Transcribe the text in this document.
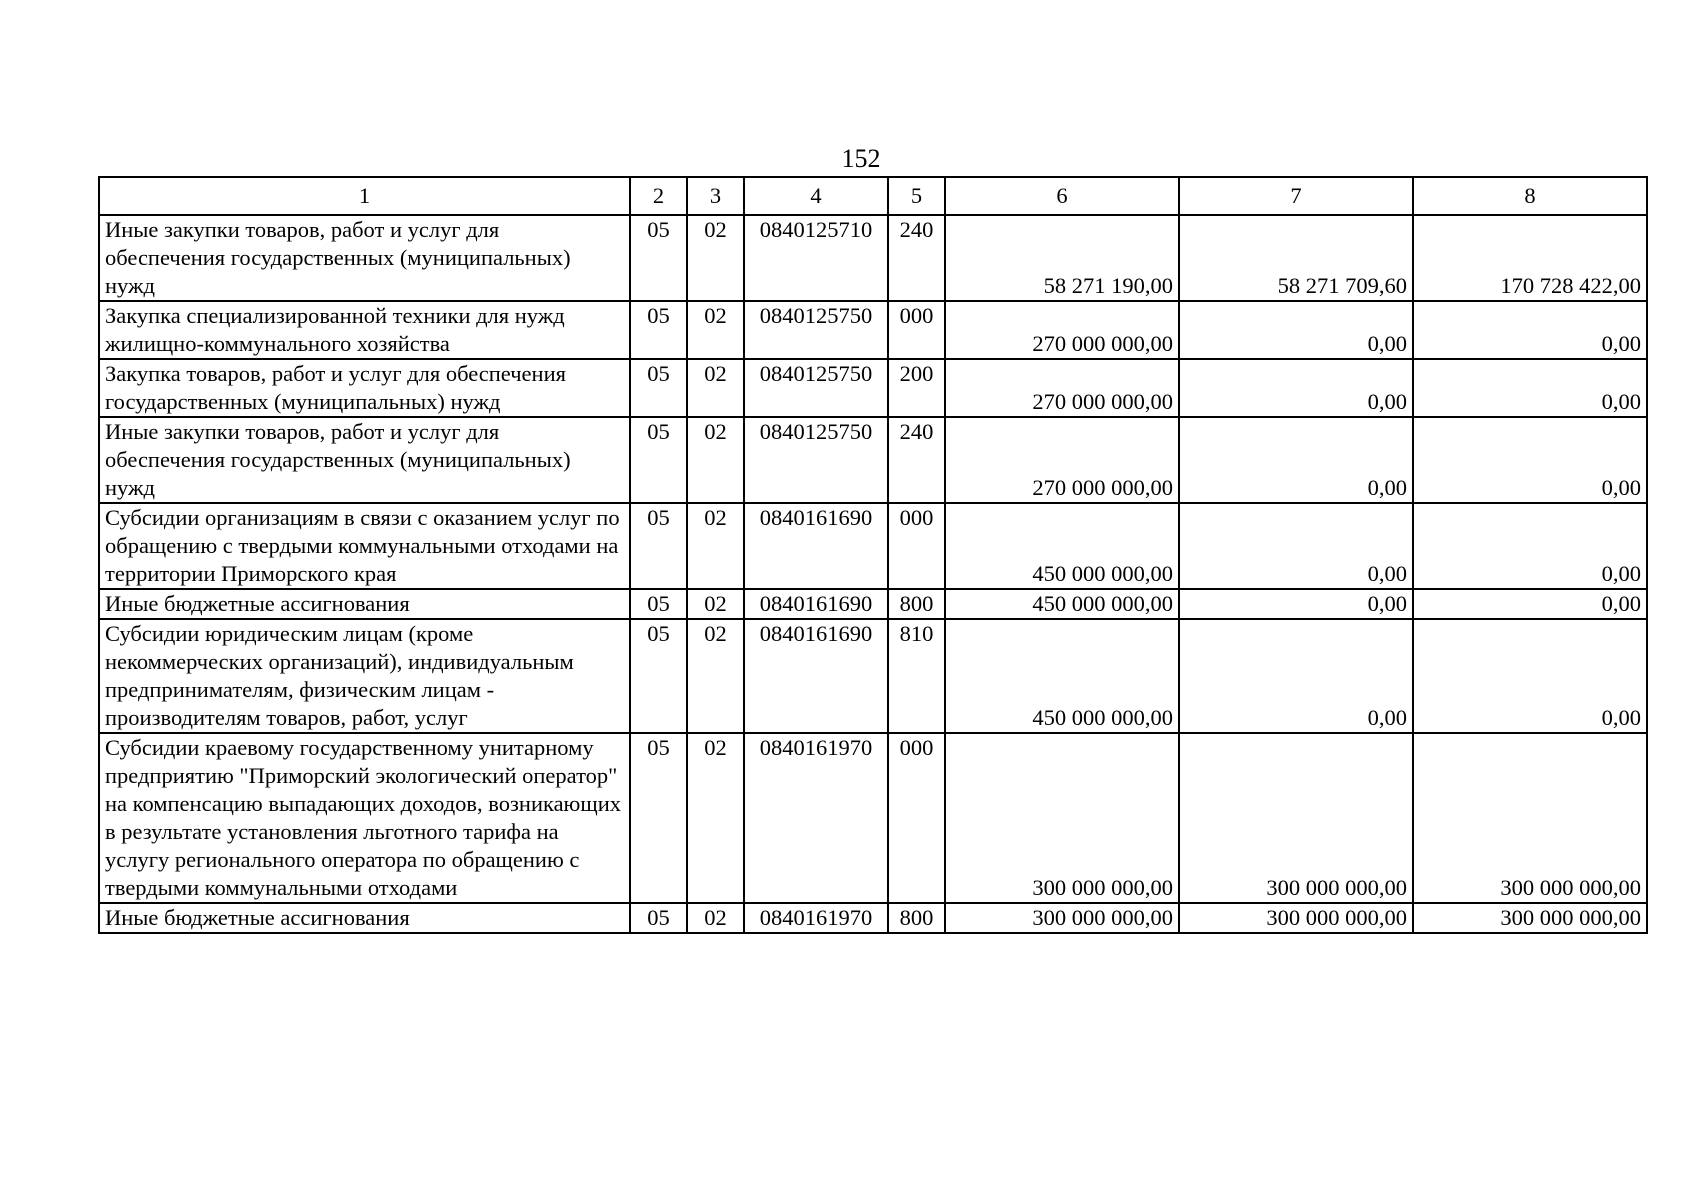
152
1	2	3	4	5	6	7	8
Иные закупки товаров, работ и услуг для обеспечения государственных (муниципальных) нужд	05	02	0840125710	240	58 271 190,00	58 271 709,60	170 728 422,00
Закупка специализированной техники для нужд жилищно-коммунального хозяйства	05	02	0840125750	000	270 000 000,00	0,00	0,00
Закупка товаров, работ и услуг для обеспечения государственных (муниципальных) нужд	05	02	0840125750	200	270 000 000,00	0,00	0,00
Иные закупки товаров, работ и услуг для обеспечения государственных (муниципальных) нужд	05	02	0840125750	240	270 000 000,00	0,00	0,00
Субсидии организациям в связи с оказанием услуг по обращению с твердыми коммунальными отходами на территории Приморского края	05	02	0840161690	000	450 000 000,00	0,00	0,00
Иные бюджетные ассигнования	05	02	0840161690	800	450 000 000,00	0,00	0,00
Субсидии юридическим лицам (кроме некоммерческих организаций), индивидуальным предпринимателям, физическим лицам - производителям товаров, работ, услуг	05	02	0840161690	810	450 000 000,00	0,00	0,00
Субсидии краевому государственному унитарному предприятию "Приморский экологический оператор" на компенсацию выпадающих доходов, возникающих в результате установления льготного тарифа на услугу регионального оператора по обращению с твердыми коммунальными отходами	05	02	0840161970	000	300 000 000,00	300 000 000,00	300 000 000,00
Иные бюджетные ассигнования	05	02	0840161970	800	300 000 000,00	300 000 000,00	300 000 000,00
